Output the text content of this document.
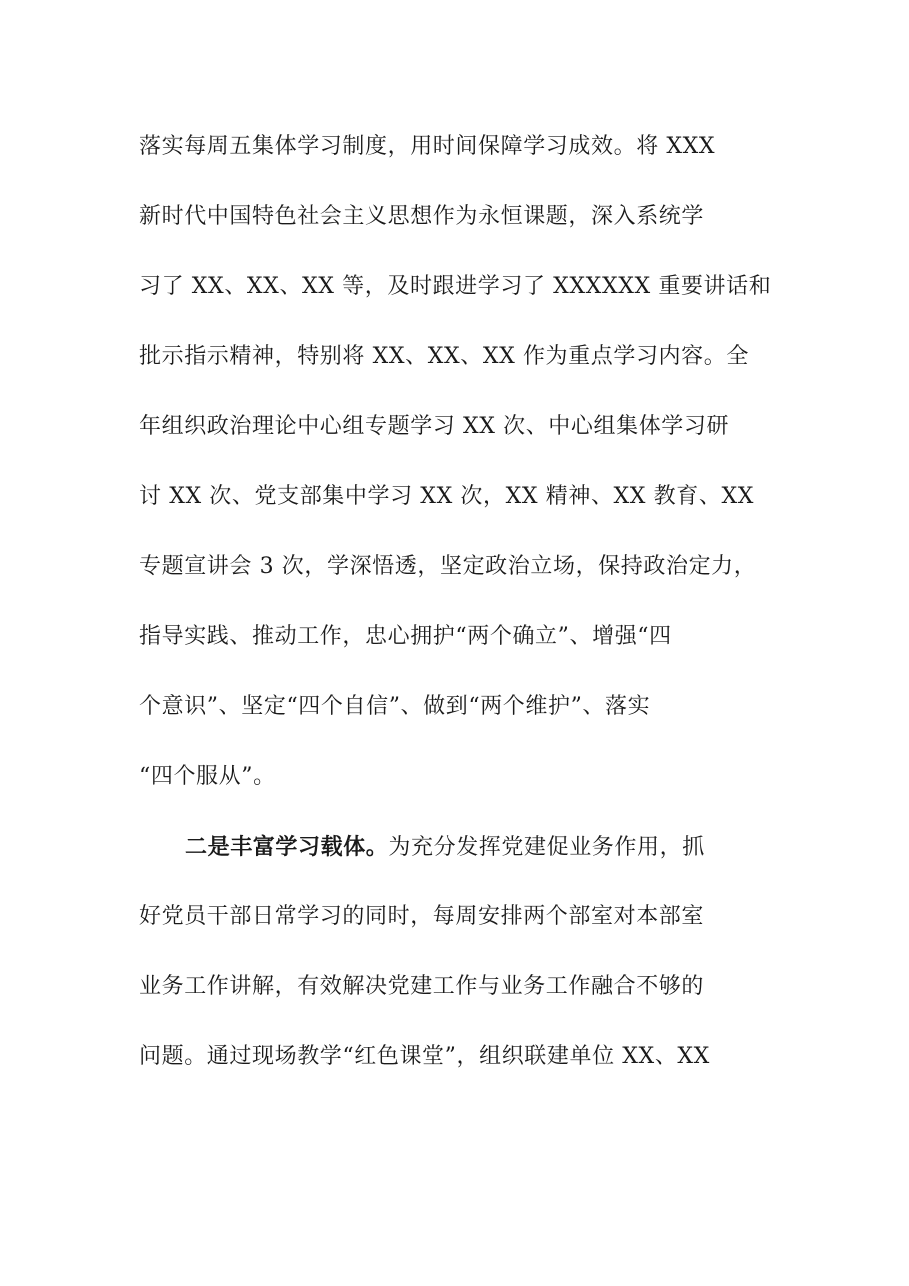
落实每周五集体学习制度，用时间保障学习成效。将 XXX
新时代中国特色社会主义思想作为永恒课题，深入系统学
习了 XX、XX、XX 等，及时跟进学习了 XXXXXX 重要讲话和
批示指示精神，特别将 XX、XX、XX 作为重点学习内容。全
年组织政治理论中心组专题学习 XX 次、中心组集体学习研
讨 XX 次、党支部集中学习 XX 次，XX 精神、XX 教育、XX
专题宣讲会 3 次，学深悟透，坚定政治立场，保持政治定力，
指导实践、推动工作，忠心拥护“两个确立”、增强“四
个意识”、坚定“四个自信”、做到“两个维护”、落实
“四个服从”。
二是丰富学习载体。为充分发挥党建促业务作用，抓
好党员干部日常学习的同时，每周安排两个部室对本部室
业务工作讲解，有效解决党建工作与业务工作融合不够的
问题。通过现场教学“红色课堂”，组织联建单位 XX、XX
